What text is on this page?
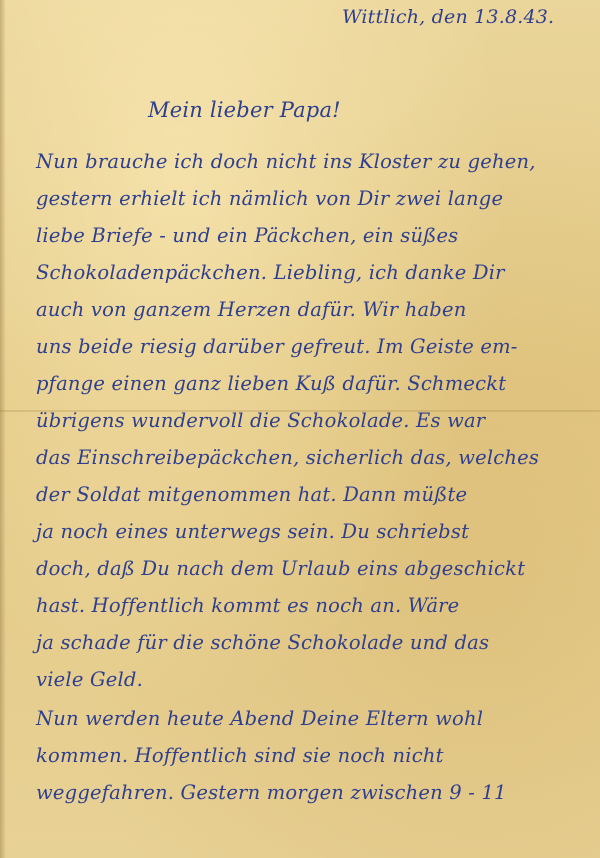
Wittlich, den 13.8.43.
Mein lieber Papa!
Nun brauche ich doch nicht ins Kloster zu gehen,
gestern erhielt ich nämlich von Dir zwei lange
liebe Briefe - und ein Päckchen, ein süßes
Schokoladenpäckchen. Liebling, ich danke Dir
auch von ganzem Herzen dafür. Wir haben
uns beide riesig darüber gefreut. Im Geiste em-
pfange einen ganz lieben Kuß dafür. Schmeckt
übrigens wundervoll die Schokolade. Es war
das Einschreibepäckchen, sicherlich das, welches
der Soldat mitgenommen hat. Dann müßte
ja noch eines unterwegs sein. Du schriebst
doch, daß Du nach dem Urlaub eins abgeschickt
hast. Hoffentlich kommt es noch an. Wäre
ja schade für die schöne Schokolade und das
viele Geld.
Nun werden heute Abend Deine Eltern wohl
kommen. Hoffentlich sind sie noch nicht
weggefahren. Gestern morgen zwischen 9 - 11
